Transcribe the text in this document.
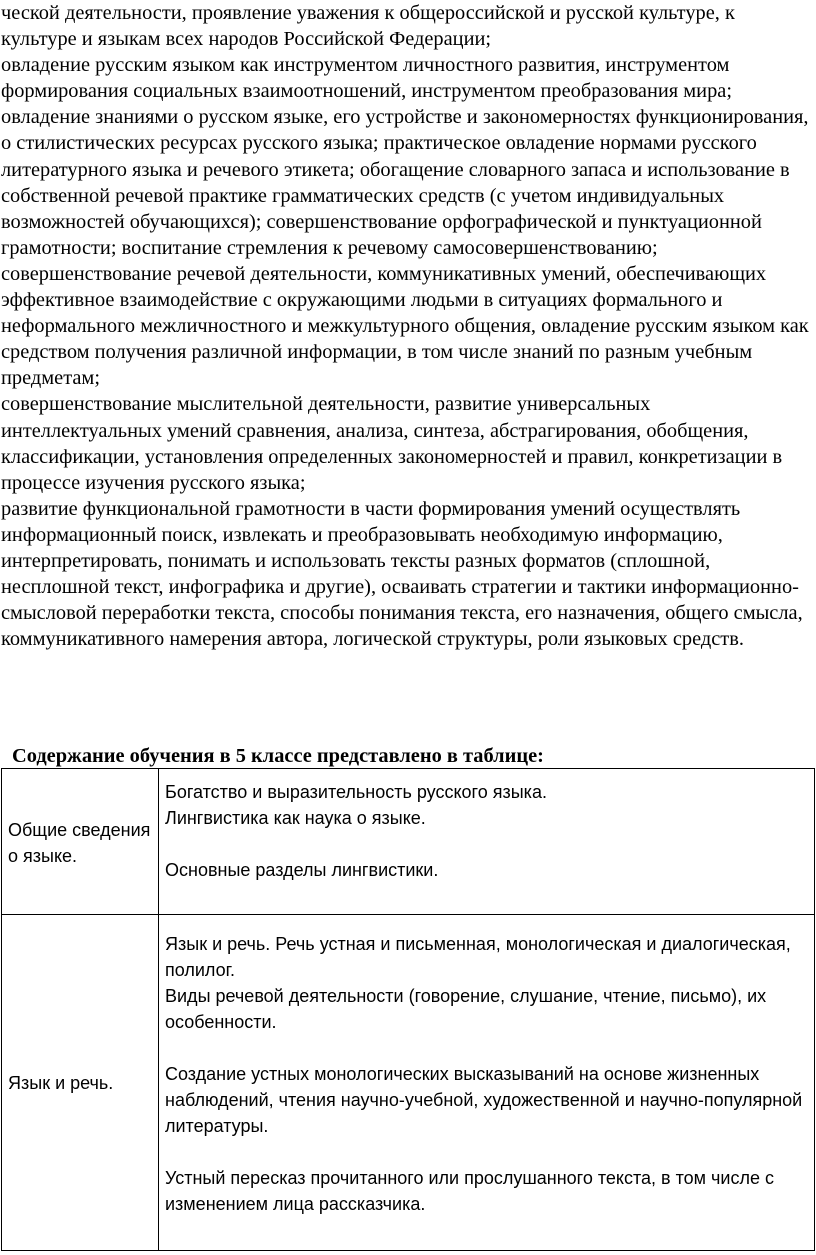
ческой деятельности, проявление уважения к общероссийской и русской культуре, к культуре и языкам всех народов Российской Федерации;

овладение русским языком как инструментом личностного развития, инструментом формирования социальных взаимоотношений, инструментом преобразования мира;

овладение знаниями о русском языке, его устройстве и закономерностях функционирования, о стилистических ресурсах русского языка; практическое овладение нормами русского литературного языка и речевого этикета; обогащение словарного запаса и использование в собственной речевой практике грамматических средств (с учетом индивидуальных возможностей обучающихся); совершенствование орфографической и пунктуационной грамотности; воспитание стремления к речевому самосовершенствованию;

совершенствование речевой деятельности, коммуникативных умений, обеспечивающих эффективное взаимодействие с окружающими людьми в ситуациях формального и неформального межличностного и межкультурного общения, овладение русским языком как средством получения различной информации, в том числе знаний по разным учебным предметам;

совершенствование мыслительной деятельности, развитие универсальных интеллектуальных умений сравнения, анализа, синтеза, абстрагирования, обобщения, классификации, установления определенных закономерностей и правил, конкретизации в процессе изучения русского языка;

развитие функциональной грамотности в части формирования умений осуществлять информационный поиск, извлекать и преобразовывать необходимую информацию, интерпретировать, понимать и использовать тексты разных форматов (сплошной, несплошной текст, инфографика и другие), осваивать стратегии и тактики информационно-смысловой переработки текста, способы понимания текста, его назначения, общего смысла, коммуникативного намерения автора, логической структуры, роли языковых средств.

Содержание обучения в 5 классе представлено в таблице:

Общие сведения о языке.	Богатство и выразительность русского языка.
Лингвистика как наука о языке.
Основные разделы лингвистики.

Язык и речь.	Язык и речь. Речь устная и письменная, монологическая и диалогическая, полилог.
Виды речевой деятельности (говорение, слушание, чтение, письмо), их особенности.
Создание устных монологических высказываний на основе жизненных наблюдений, чтения научно-учебной, художественной и научно-популярной литературы.
Устный пересказ прочитанного или прослушанного текста, в том числе с изменением лица рассказчика.
